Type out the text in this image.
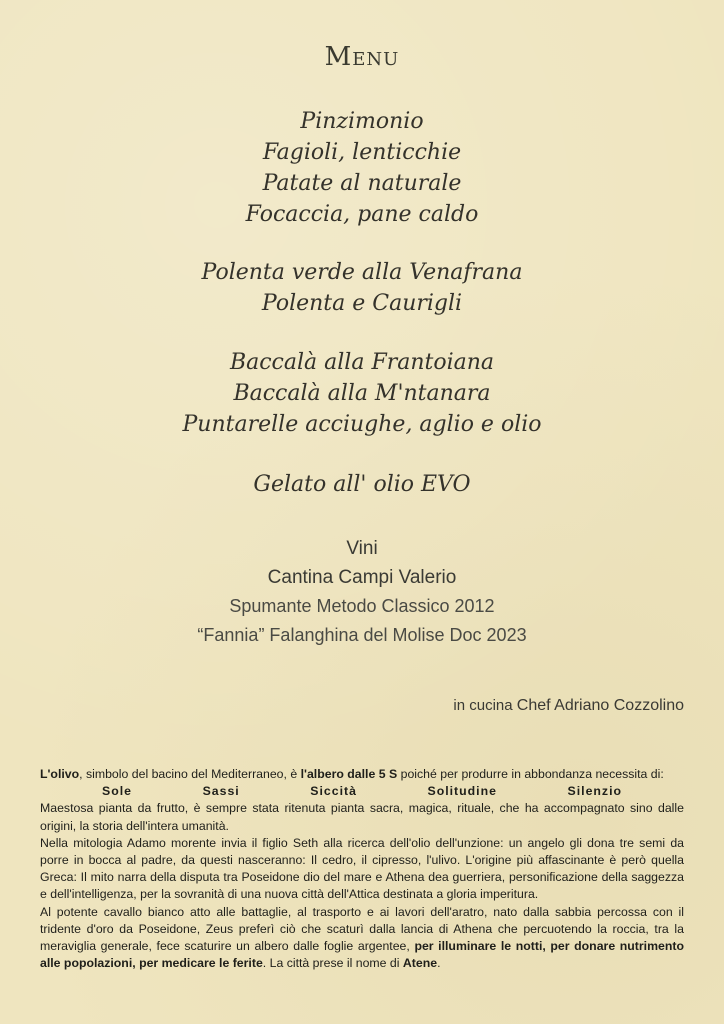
Menu
Pinzimonio
Fagioli, lenticchie
Patate al naturale
Focaccia, pane caldo
Polenta verde alla Venafrana
Polenta e Caurigli
Baccalà alla Frantoiana
Baccalà alla M'ntanara
Puntarelle acciughe, aglio e olio
Gelato all' olio EVO
Vini
Cantina Campi Valerio
Spumante Metodo Classico 2012
“Fannia” Falanghina del Molise Doc 2023
in cucina Chef Adriano Cozzolino

L'olivo, simbolo del bacino del Mediterraneo, è l'albero dalle 5 S poiché per produrre in abbondanza necessita di:

Sole	Sassi	Siccità	Solitudine	Silenzio

Maestosa pianta da frutto, è sempre stata ritenuta pianta sacra, magica, rituale, che ha accompagnato sino dalle origini, la storia dell'intera umanità.

Nella mitologia Adamo morente invia il figlio Seth alla ricerca dell'olio dell'unzione: un angelo gli dona tre semi da porre in bocca al padre, da questi nasceranno: Il cedro, il cipresso, l'ulivo. L'origine più affascinante è però quella Greca: Il mito narra della disputa tra Poseidone dio del mare e Athena dea guerriera, personificazione della saggezza e dell'intelligenza, per la sovranità di una nuova città dell'Attica destinata a gloria imperitura.

Al potente cavallo bianco atto alle battaglie, al trasporto e ai lavori dell'aratro, nato dalla sabbia percossa con il tridente d'oro da Poseidone, Zeus preferì ciò che scaturì dalla lancia di Athena che percuotendo la roccia, tra la meraviglia generale, fece scaturire un albero dalle foglie argentee, per illuminare le notti, per donare nutrimento alle popolazioni, per medicare le ferite. La città prese il nome di Atene.
